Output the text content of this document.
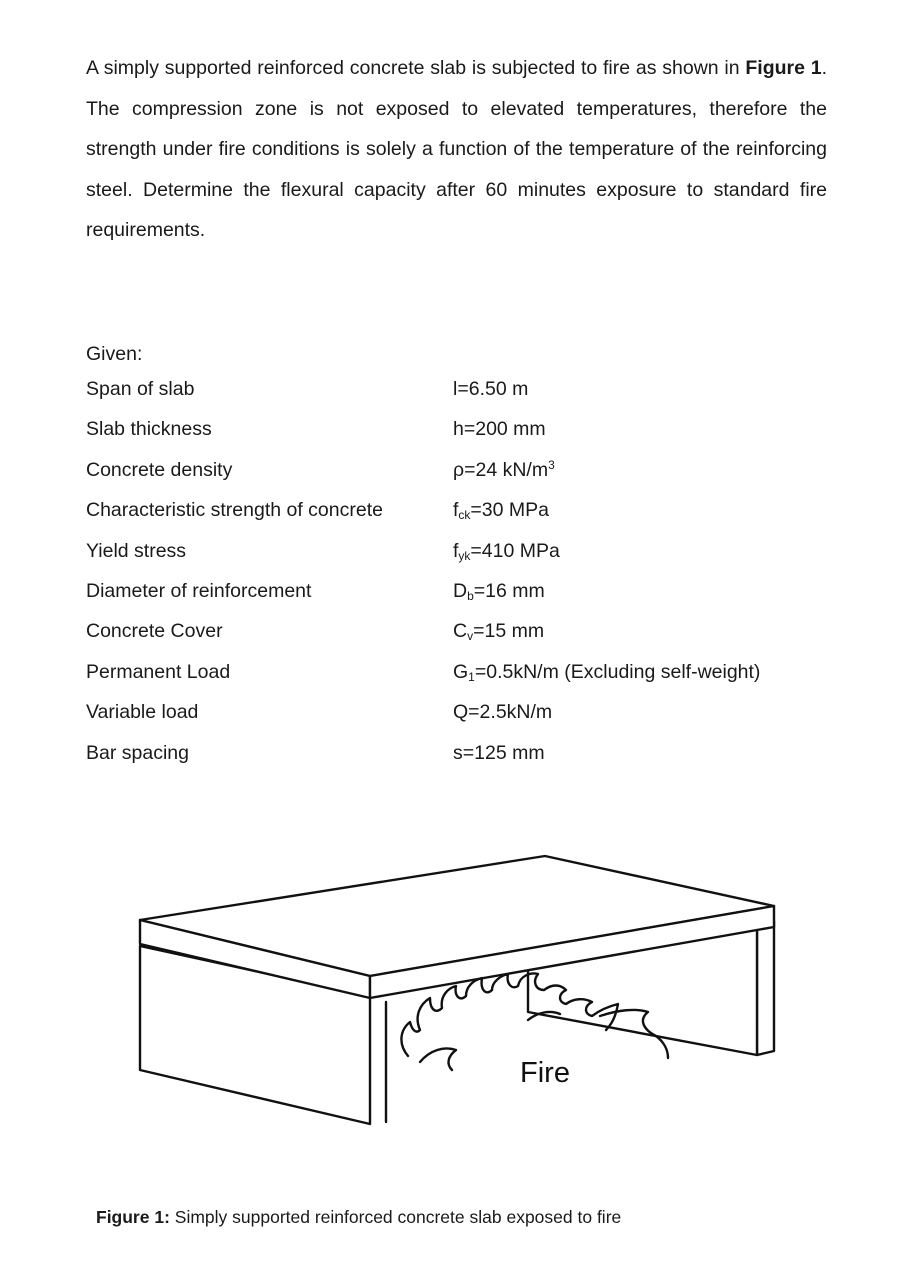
A simply supported reinforced concrete slab is subjected to fire as shown in Figure 1. The compression zone is not exposed to elevated temperatures, therefore the strength under fire conditions is solely a function of the temperature of the reinforcing steel. Determine the flexural capacity after 60 minutes exposure to standard fire requirements.
Given:
Span of slab	l=6.50 m
Slab thickness	h=200 mm
Concrete density	ρ=24 $kN/m^3$
Characteristic strength of concrete	$f_{ck}=30$ MPa
Yield stress	$f_{yk}=410$ MPa
Diameter of reinforcement	$D_b=16$ mm
Concrete Cover	$C_v=15$ mm
Permanent Load	$G_1=0.5kN/m$ (Excluding self-weight)
Variable load	Q=2.5kN/m
Bar spacing	s=125 mm
Fire
Figure 1: Simply supported reinforced concrete slab exposed to fire
